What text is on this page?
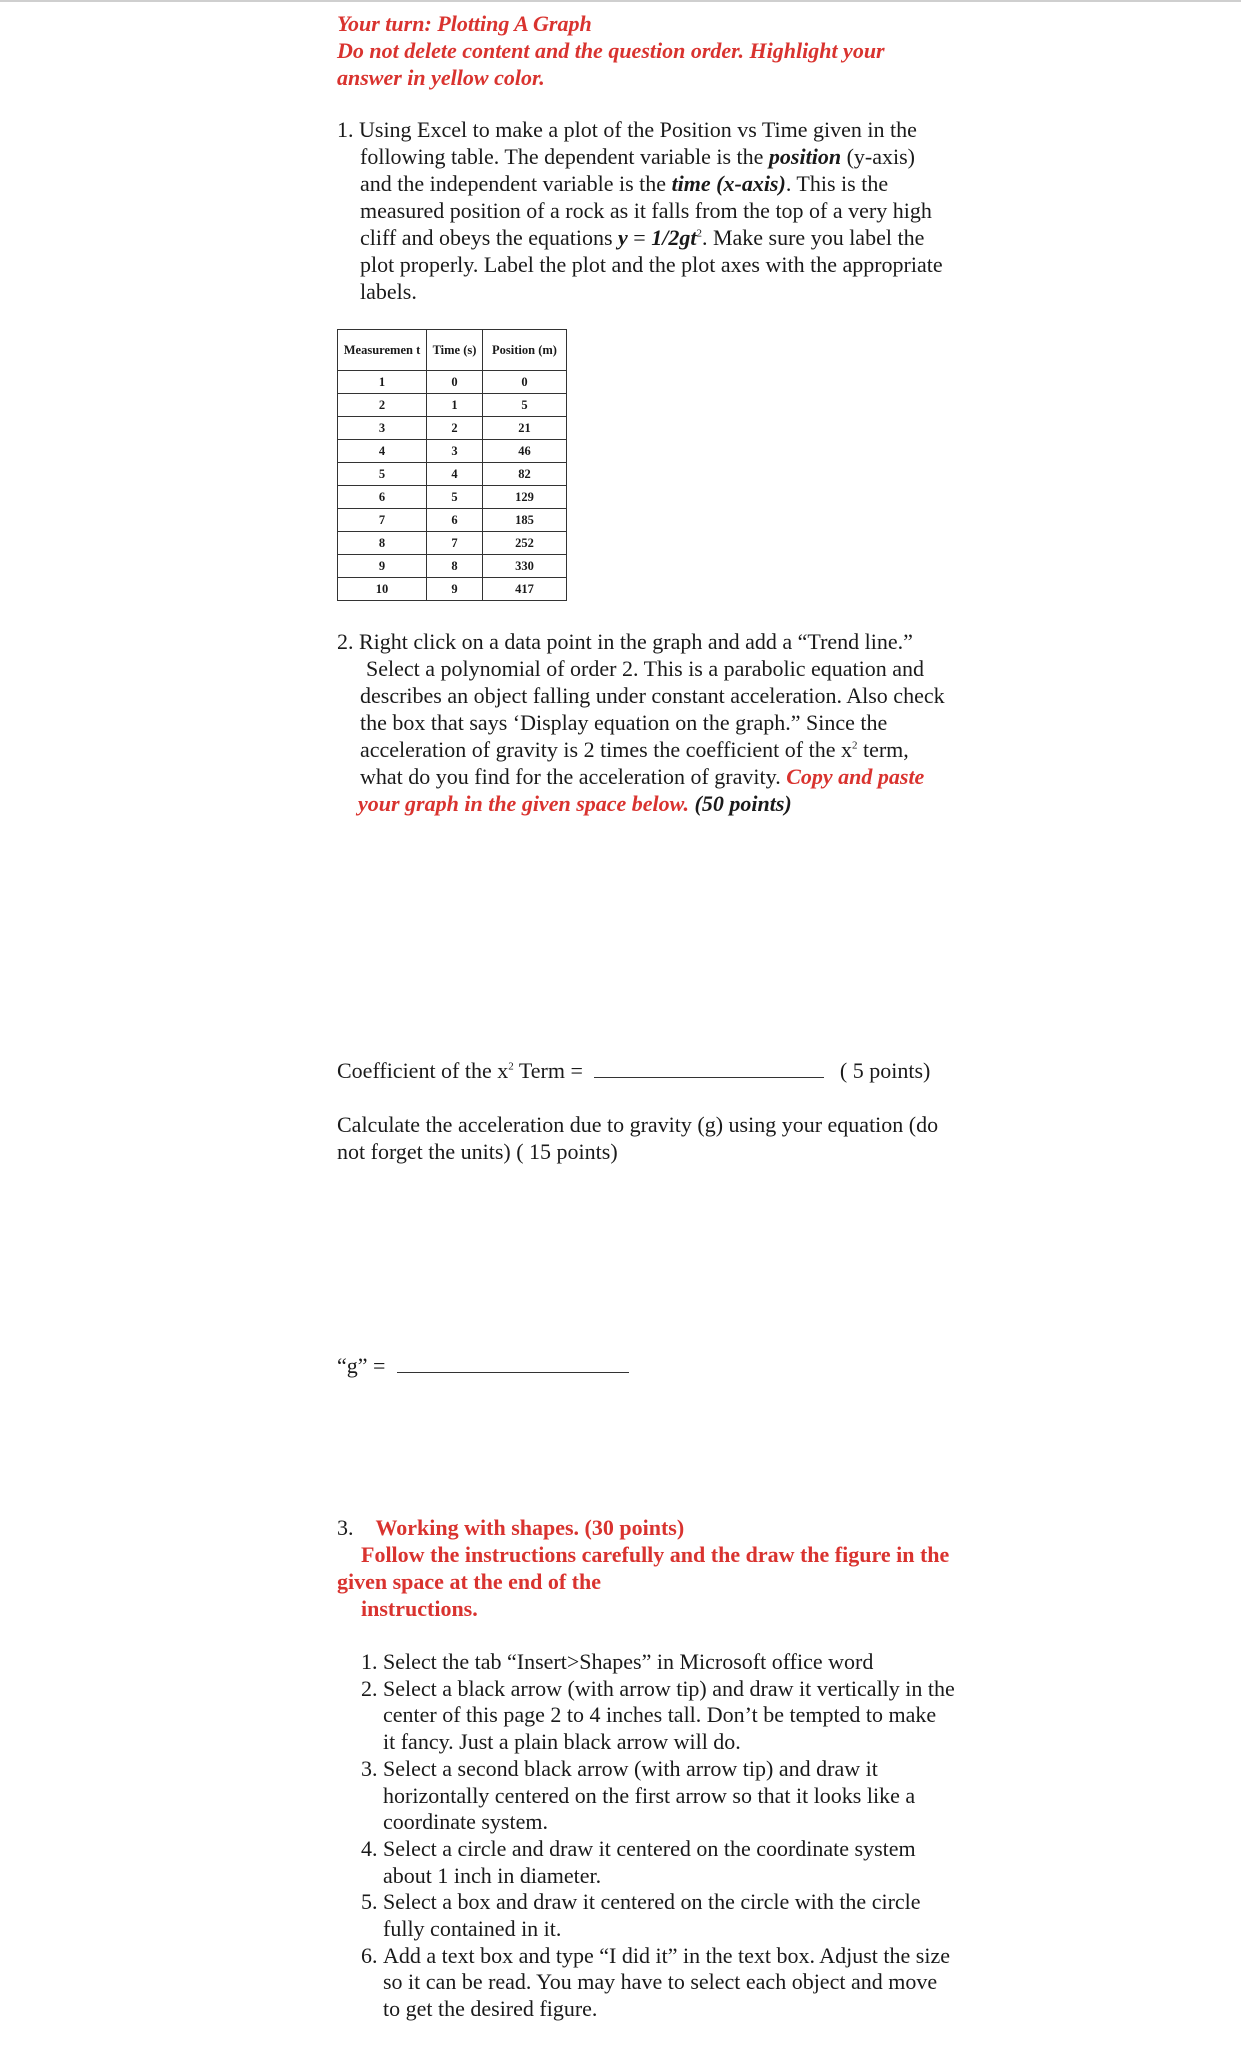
Your turn: Plotting A Graph
Do not delete content and the question order. Highlight your
answer in yellow color.
1. Using Excel to make a plot of the Position vs Time given in the
following table. The dependent variable is the position (y-axis)
and the independent variable is the time (x-axis). This is the
measured position of a rock as it falls from the top of a very high
cliff and obeys the equations $y = 1/2gt^2$. Make sure you label the
plot properly. Label the plot and the plot axes with the appropriate
labels.
Measuremen t	Time (s)	Position (m)
1	0	0
2	1	5
3	2	21
4	3	46
5	4	82
6	5	129
7	6	185
8	7	252
9	8	330
10	9	417
2. Right click on a data point in the graph and add a “Trend line.”
Select a polynomial of order 2. This is a parabolic equation and
describes an object falling under constant acceleration. Also check
the box that says ‘Display equation on the graph.” Since the
acceleration of gravity is 2 times the coefficient of the $x^2$ term,
what do you find for the acceleration of gravity. Copy and paste
your graph in the given space below. (50 points)
Coefficient of the $x^2$ Term =	( 5 points)
Calculate the acceleration due to gravity (g) using your equation (do
not forget the units) ( 15 points)
“g” =
3. Working with shapes. (30 points)
Follow the instructions carefully and the draw the figure in the
given space at the end of the
instructions.
1. Select the tab “Insert>Shapes” in Microsoft office word
2. Select a black arrow (with arrow tip) and draw it vertically in the
center of this page 2 to 4 inches tall. Don’t be tempted to make
it fancy. Just a plain black arrow will do.
3. Select a second black arrow (with arrow tip) and draw it
horizontally centered on the first arrow so that it looks like a
coordinate system.
4. Select a circle and draw it centered on the coordinate system
about 1 inch in diameter.
5. Select a box and draw it centered on the circle with the circle
fully contained in it.
6. Add a text box and type “I did it” in the text box. Adjust the size
so it can be read. You may have to select each object and move
to get the desired figure.
